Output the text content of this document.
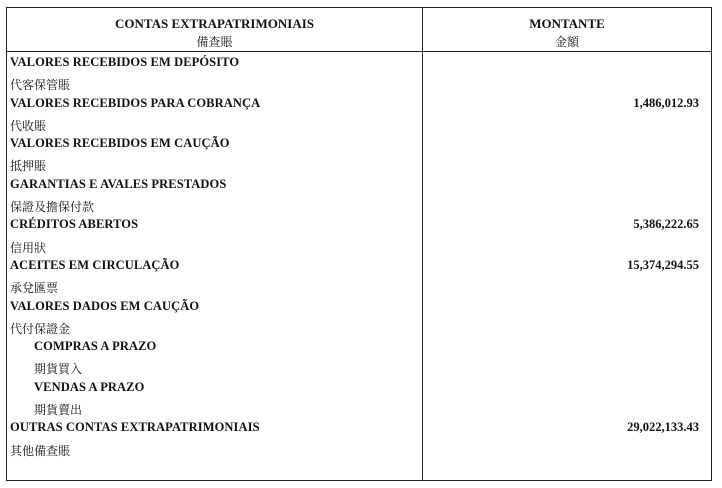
CONTAS EXTRAPATRIMONIAIS
備查賬
MONTANTE
金額
VALORES RECEBIDOS EM DEPÓSITO
代客保管賬
VALORES RECEBIDOS PARA COBRANÇA	1,486,012.93
代收賬
VALORES RECEBIDOS EM CAUÇÃO
抵押賬
GARANTIAS E AVALES PRESTADOS
保證及擔保付款
CRÉDITOS ABERTOS	5,386,222.65
信用狀
ACEITES EM CIRCULAÇÃO	15,374,294.55
承兌匯票
VALORES DADOS EM CAUÇÃO
代付保證金
COMPRAS A PRAZO
期貨買入
VENDAS A PRAZO
期貨賣出
OUTRAS CONTAS EXTRAPATRIMONIAIS	29,022,133.43
其他備查賬
